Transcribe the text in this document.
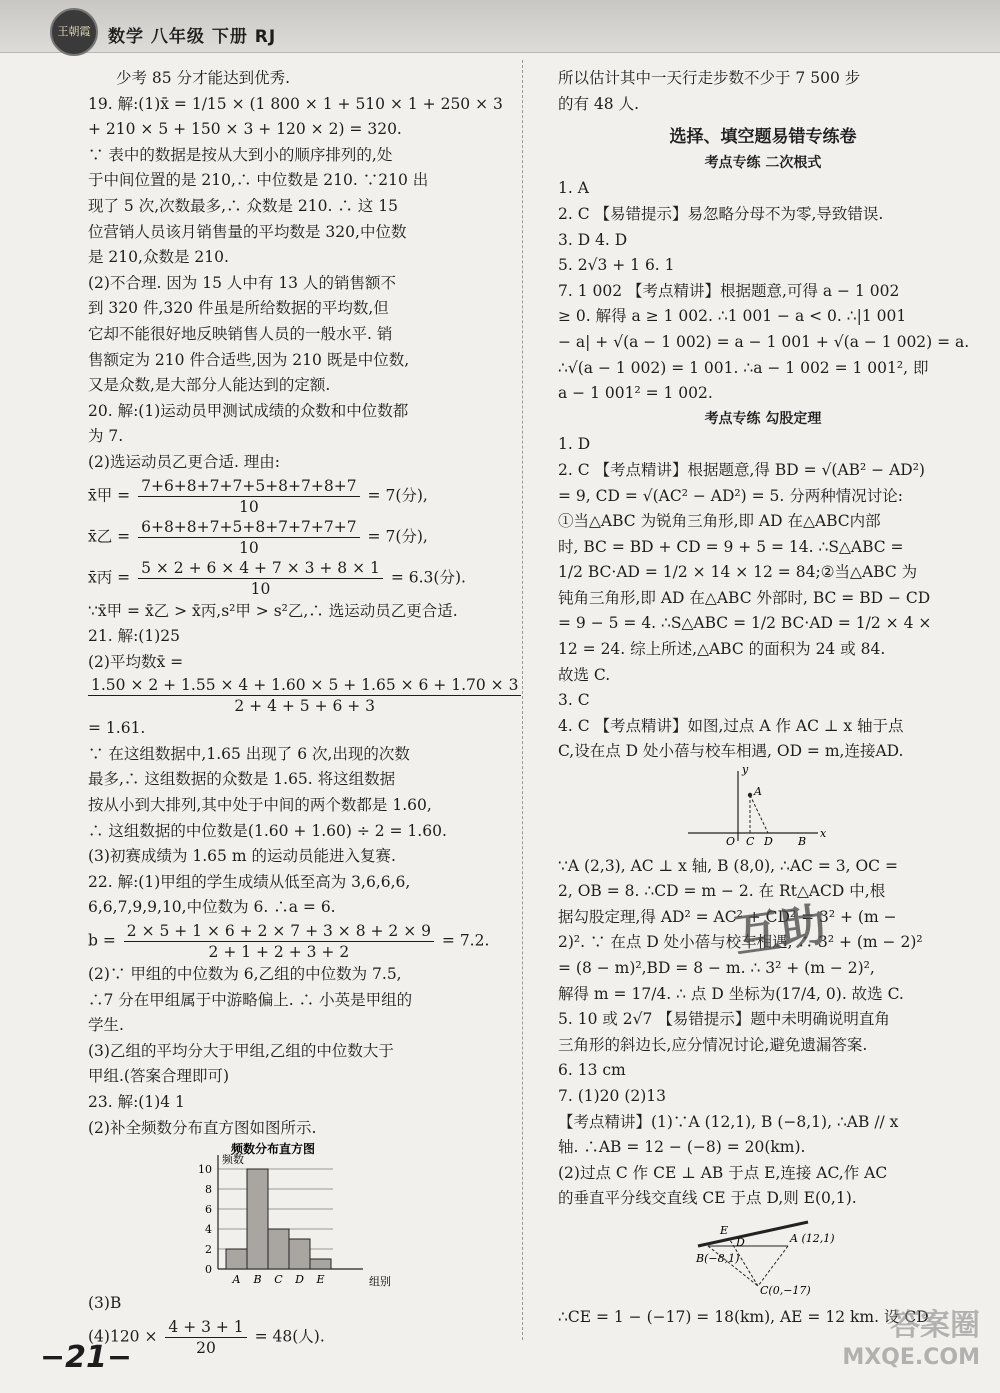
王朝霞	数学 八年级 下册 RJ
少考 85 分才能达到优秀.
19. 解:(1)x̄ = 1/15 × (1 800 × 1 + 510 × 1 + 250 × 3
+ 210 × 5 + 150 × 3 + 120 × 2) = 320.
∵ 表中的数据是按从大到小的顺序排列的,处
于中间位置的是 210,∴ 中位数是 210. ∵210 出
现了 5 次,次数最多,∴ 众数是 210. ∴ 这 15
位营销人员该月销售量的平均数是 320,中位数
是 210,众数是 210.
(2)不合理. 因为 15 人中有 13 人的销售额不
到 320 件,320 件虽是所给数据的平均数,但
它却不能很好地反映销售人员的一般水平. 销
售额定为 210 件合适些,因为 210 既是中位数,
又是众数,是大部分人能达到的定额.
20. 解:(1)运动员甲测试成绩的众数和中位数都
为 7.
(2)选运动员乙更合适. 理由:
x̄甲 = $\frac{7+6+8+7+7+5+8+7+8+7}{10} = 7$(分),
x̄乙 = $\frac{6+8+8+7+5+8+7+7+7+7}{10} = 7$(分),
x̄丙 = $\frac{5 \times 2 + 6 \times 4 + 7 \times 3 + 8 \times 1}{10} = 6.3$(分).
∵x̄甲 = x̄乙 > x̄丙,s²甲 > s²乙,∴ 选运动员乙更合适.
21. 解:(1)25
(2)平均数x̄ =
$\frac{1.50 \times 2 + 1.55 \times 4 + 1.60 \times 5 + 1.65 \times 6 + 1.70 \times 3}{2 + 4 + 5 + 6 + 3}$
= 1.61.
∵ 在这组数据中,1.65 出现了 6 次,出现的次数
最多,∴ 这组数据的众数是 1.65. 将这组数据
按从小到大排列,其中处于中间的两个数都是 1.60,
∴ 这组数据的中位数是(1.60 + 1.60) ÷ 2 = 1.60.
(3)初赛成绩为 1.65 m 的运动员能进入复赛.
22. 解:(1)甲组的学生成绩从低至高为 3,6,6,6,
6,6,7,9,9,10,中位数为 6. ∴a = 6.
$b = \frac{2 \times 5 + 1 \times 6 + 2 \times 7 + 3 \times 8 + 2 \times 9}{2 + 1 + 2 + 3 + 2} = 7.2$.
(2)∵ 甲组的中位数为 6,乙组的中位数为 7.5,
∴7 分在甲组属于中游略偏上. ∴ 小英是甲组的
学生.
(3)乙组的平均分大于甲组,乙组的中位数大于
甲组.(答案合理即可)
23. 解:(1)4 1
(2)补全频数分布直方图如图所示.
频数分布直方图
0
2
4
6
8
10
频数
组别
A B C D E
(3)B
$(4)120 \times \frac{4 + 3 + 1}{20} = 48$(人).
所以估计其中一天行走步数不少于 7 500 步
的有 48 人.
选择、填空题易错专练卷
考点专练 二次根式
1. A
2. C 【易错提示】易忽略分母不为零,导致错误.
3. D 4. D
5. 2√3 + 1 6. 1
7. 1 002 【考点精讲】根据题意,可得 a − 1 002
≥ 0. 解得 a ≥ 1 002. ∴1 001 − a < 0. ∴|1 001
− a| + √(a − 1 002) = a − 1 001 + √(a − 1 002) = a.
∴√(a − 1 002) = 1 001. ∴a − 1 002 = 1 001², 即
a − 1 001² = 1 002.
考点专练 勾股定理
1. D
2. C 【考点精讲】根据题意,得 BD = √(AB² − AD²)
= 9, CD = √(AC² − AD²) = 5. 分两种情况讨论:
①当△ABC 为锐角三角形,即 AD 在△ABC内部
时, BC = BD + CD = 9 + 5 = 14. ∴S△ABC =
1/2 BC·AD = 1/2 × 14 × 12 = 84;②当△ABC 为
钝角三角形,即 AD 在△ABC 外部时, BC = BD − CD
= 9 − 5 = 4. ∴S△ABC = 1/2 BC·AD = 1/2 × 4 ×
12 = 24. 综上所述,△ABC 的面积为 24 或 84.
故选 C.
3. C
4. C 【考点精讲】如图,过点 A 作 AC ⊥ x 轴于点
C,设在点 D 处小蓓与校车相遇, OD = m,连接AD.
y
x
A
O C D B
∵A (2,3), AC ⊥ x 轴, B (8,0), ∴AC = 3, OC =
2, OB = 8. ∴CD = m − 2. 在 Rt△ACD 中,根
据勾股定理,得 AD² = AC² + CD² = 3² + (m −
2)². ∵ 在点 D 处小蓓与校车相遇, ∴ 3² + (m − 2)²
= (8 − m)²,BD = 8 − m. ∴ 3² + (m − 2)²,
解得 m = 17/4. ∴ 点 D 坐标为(17/4, 0). 故选 C.
5. 10 或 2√7 【易错提示】题中未明确说明直角
三角形的斜边长,应分情况讨论,避免遗漏答案.
6. 13 cm
7. (1)20 (2)13
【考点精讲】(1)∵A (12,1), B (−8,1), ∴AB // x
轴. ∴AB = 12 − (−8) = 20(km).
(2)过点 C 作 CE ⊥ AB 于点 E,连接 AC,作 AC
的垂直平分线交直线 CE 于点 D,则 E(0,1).
E
D	A (12,1)
B(−8,1)
C(0,−17)
∴CE = 1 − (−17) = 18(km), AE = 12 km. 设 CD
−21−
互助
答案圈
MXQE.COM
